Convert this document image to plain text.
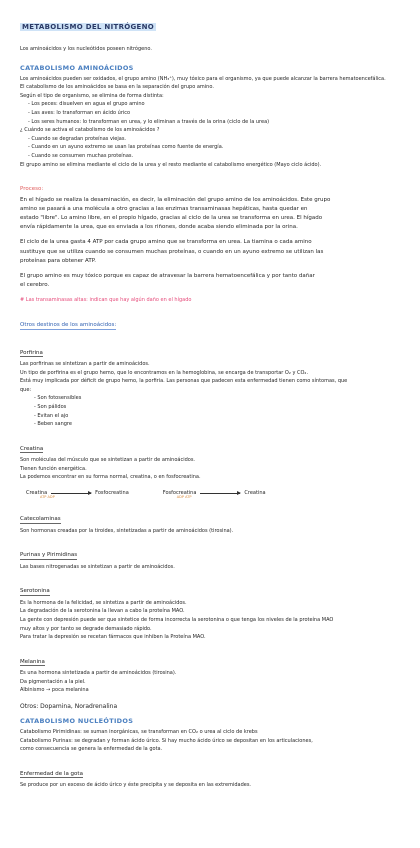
METABOLISMO DEL NITRÓGENO
Los aminoácidos y los nucleótidos poseen nitrógeno.
CATABOLISMO AMINOÁCIDOS
Los aminoácidos pueden ser oxidados, el grupo amino (NH₃⁺), muy tóxico para el organismo, ya que puede alcanzar la barrera hematoencefálica.
El catabolismo de los aminoácidos se basa en la separación del grupo amino.
Según el tipo de organismo, se elimina de forma distinta:
- Los peces: disuelven en agua el grupo amino
- Las aves: lo transforman en ácido úrico
- Los seres humanos: lo transforman en urea, y lo eliminan a través de la orina (ciclo de la urea)
¿ Cuándo se activa el catabolismo de los aminoácidos ?
- Cuando se degradan proteínas viejas.
- Cuando en un ayuno extremo se usan las proteínas como fuente de energía.
- Cuando se consumen muchas proteínas.
El grupo amino se elimina mediante el ciclo de la urea y el resto mediante el catabolismo energético (Mayo ciclo ácido).
Proceso:
En el hígado se realiza la desaminación, es decir, la eliminación del grupo amino de los aminoácidos. Este grupo
amino se pasará a una molécula a otro gracias a las enzimas transaminasas hepáticas, hasta quedar en
estado "libre". Lo amino libre, en el propio hígado, gracias al ciclo de la urea se transforma en urea. El hígado
envía rápidamente la urea, que es enviada a los riñones, donde acaba siendo eliminada por la orina.
El ciclo de la urea gasta 4 ATP por cada grupo amino que se transforma en urea. La tiamina o cada amino
sustituye que se utiliza cuando se consumen muchas proteínas, o cuando en un ayuno extremo se utilizan las
proteínas para obtener ATP.
El grupo amino es muy tóxico porque es capaz de atravesar la barrera hematoencefálica y por tanto dañar
el cerebro.
# Las transaminasas altas: indican que hay algún daño en el hígado
Otros destinos de los aminoácidos:
Porfirina
Las porfirinas se sintetizan a partir de aminoácidos.
Un tipo de porfirina es el grupo hemo, que lo encontramos en la hemoglobina, se encarga de transportar O₂ y CO₂.
Está muy implicada por déficit de grupo hemo, la porfiria. Las personas que padecen esta enfermedad tienen como síntomas, que
que:
- Son fotosensibles
- Son pálidos
- Evitan el ajo
- Beben sangre
Creatina
Son moléculas del músculo que se sintetizan a partir de aminoácidos.
Tienen función energética.
La podemos encontrar en su forma normal, creatina, o en fosfocreatina.
Creatina	Fosfocreatina
ATP ADP
Fosfocreatina	Creatina
ADP ATP
Catecolaminas
Son hormonas creadas por la tiroides, sintetizadas a partir de aminoácidos (tirosina).
Purinas y Pirimidinas
Las bases nitrogenadas se sintetizan a partir de aminoácidos.
Serotonina
Es la hormona de la felicidad, se sintetiza a partir de aminoácidos.
La degradación de la serotonina la llevan a cabo la proteína MAO.
La gente con depresión puede ser que sintetice de forma incorrecta la serotonina o que tenga los niveles de la proteína MAO
muy altos y por tanto se degrade demasiado rápido.
Para tratar la depresión se recetan fármacos que inhiben la Proteína MAO.
Melanina
Es una hormona sintetizada a partir de aminoácidos (tirosina).
Da pigmentación a la piel.
Albinismo → poca melanina
Otros: Dopamina, Noradrenalina
CATABOLISMO NUCLEÓTIDOS
Catabolismo Pirimidinas: se suman inorgánicas, se transforman en CO₂ o urea al ciclo de krebs
Catabolismo Purinas: se degradan y forman ácido úrico. Si hay mucho ácido úrico se depositan en los articulaciones,
como consecuencia se genera la enfermedad de la gota.
Enfermedad de la gota
Se produce por un exceso de ácido úrico y éste precipita y se deposita en las extremidades.
